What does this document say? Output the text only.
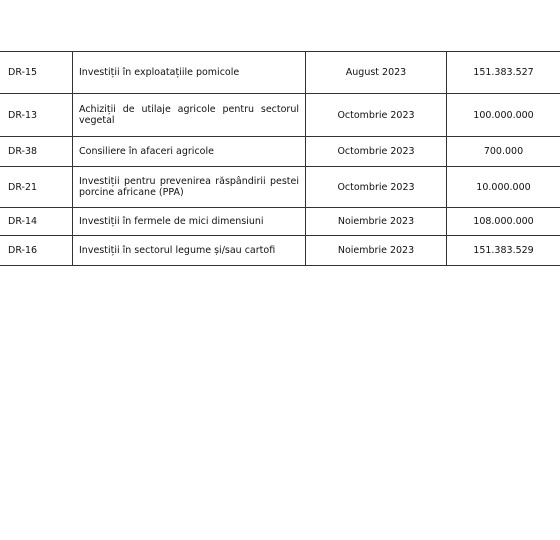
DR-15	Investiții în exploatațiile pomicole	August 2023	151.383.527
DR-13	Achiziții de utilaje agricole pentru sectorul vegetal	Octombrie 2023	100.000.000
DR-38	Consiliere în afaceri agricole	Octombrie 2023	700.000
DR-21	Investiții pentru prevenirea răspândirii pestei porcine africane (PPA)	Octombrie 2023	10.000.000
DR-14	Investiții în fermele de mici dimensiuni	Noiembrie 2023	108.000.000
DR-16	Investiții în sectorul legume și/sau cartofi	Noiembrie 2023	151.383.529
